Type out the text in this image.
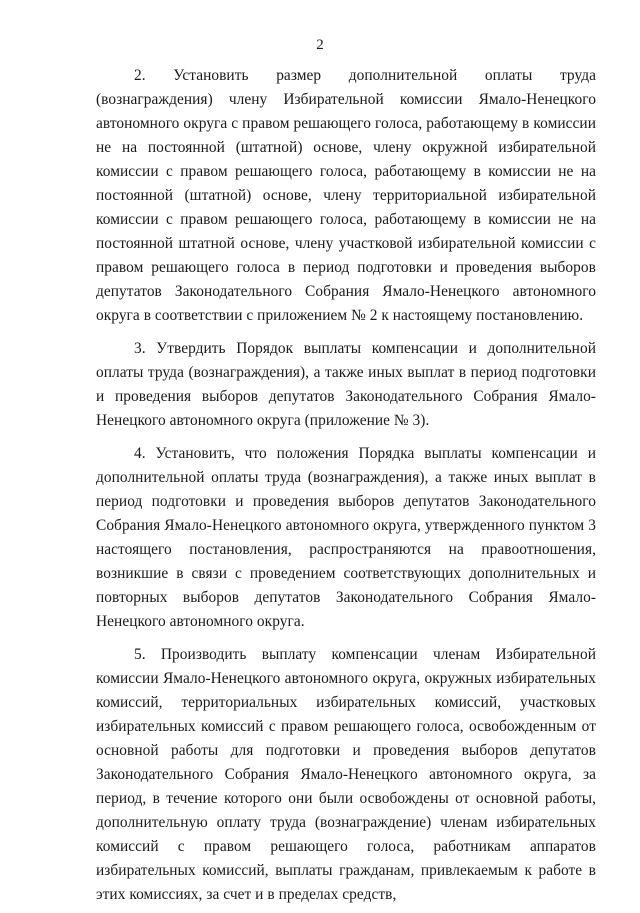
2

2. Установить размер дополнительной оплаты труда (вознаграждения) члену Избирательной комиссии Ямало-Ненецкого автономного округа с правом решающего голоса, работающему в комиссии не на постоянной (штатной) основе, члену окружной избирательной комиссии с правом решающего голоса, работающему в комиссии не на постоянной (штатной) основе, члену территориальной избирательной комиссии с правом решающего голоса, работающему в комиссии не на постоянной штатной основе, члену участковой избирательной комиссии с правом решающего голоса в период подготовки и проведения выборов депутатов Законодательного Собрания Ямало-Ненецкого автономного округа в соответствии с приложением № 2 к настоящему постановлению.

3. Утвердить Порядок выплаты компенсации и дополнительной оплаты труда (вознаграждения), а также иных выплат в период подготовки и проведения выборов депутатов Законодательного Собрания Ямало-Ненецкого автономного округа (приложение № 3).

4. Установить, что положения Порядка выплаты компенсации и дополнительной оплаты труда (вознаграждения), а также иных выплат в период подготовки и проведения выборов депутатов Законодательного Собрания Ямало-Ненецкого автономного округа, утвержденного пунктом 3 настоящего постановления, распространяются на правоотношения, возникшие в связи с проведением соответствующих дополнительных и повторных выборов депутатов Законодательного Собрания Ямало-Ненецкого автономного округа.

5. Производить выплату компенсации членам Избирательной комиссии Ямало-Ненецкого автономного округа, окружных избирательных комиссий, территориальных избирательных комиссий, участковых избирательных комиссий с правом решающего голоса, освобожденным от основной работы для подготовки и проведения выборов депутатов Законодательного Собрания Ямало-Ненецкого автономного округа, за период, в течение которого они были освобождены от основной работы, дополнительную оплату труда (вознаграждение) членам избирательных комиссий с правом решающего голоса, работникам аппаратов избирательных комиссий, выплаты гражданам, привлекаемым к работе в этих комиссиях, за счет и в пределах средств,
